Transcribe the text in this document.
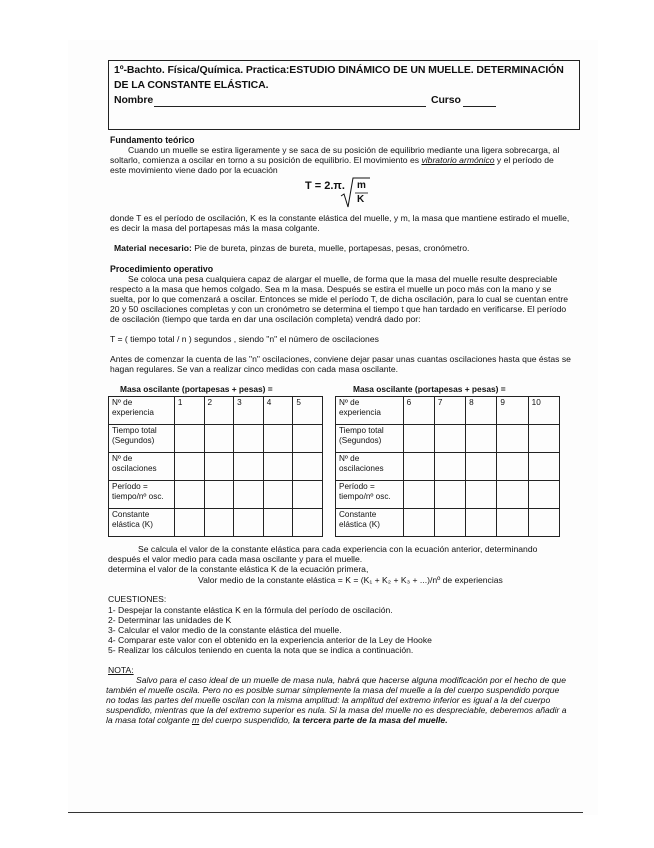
1º-Bachto. Física/Química. Practica:ESTUDIO DINÁMICO DE UN MUELLE. DETERMINACIÓN
DE LA CONSTANTE ELÁSTICA.
Nombre	Curso
Fundamento teórico
Cuando un muelle se estira ligeramente y se saca de su posición de equilibrio mediante una ligera sobrecarga, al
soltarlo, comienza a oscilar en torno a su posición de equilibrio. El movimiento es vibratorio armónico y el período de
este movimiento viene dado por la ecuación
T = 2.π. m
K
donde T es el período de oscilación, K es la constante elástica del muelle, y m, la masa que mantiene estirado el muelle,
es decir la masa del portapesas más la masa colgante.
Material necesario: Pie de bureta, pinzas de bureta, muelle, portapesas, pesas, cronómetro.
Procedimiento operativo
Se coloca una pesa cualquiera capaz de alargar el muelle, de forma que la masa del muelle resulte despreciable
respecto a la masa que hemos colgado. Sea m la masa. Después se estira el muelle un poco más con la mano y se
suelta, por lo que comenzará a oscilar. Entonces se mide el período T, de dicha oscilación, para lo cual se cuentan entre
20 y 50 oscilaciones completas y con un cronómetro se determina el tiempo t que han tardado en verificarse. El período
de oscilación (tiempo que tarda en dar una oscilación completa) vendrá dado por:
T = ( tiempo total / n ) segundos , siendo "n" el número de oscilaciones
Antes de comenzar la cuenta de las "n" oscilaciones, conviene dejar pasar unas cuantas oscilaciones hasta que éstas se
hagan regulares. Se van a realizar cinco medidas con cada masa oscilante.
Masa oscilante (portapesas + pesas) =	Masa oscilante (portapesas + pesas) =
Nº de experiencia	1	2	3	4	5
Tiempo total (Segundos)					
Nº de oscilaciones					
Período = tiempo/nº osc.					
Constante elástica (K)					
Nº de experiencia	6	7	8	9	10
Tiempo total (Segundos)					
Nº de oscilaciones					
Período = tiempo/nº osc.					
Constante elástica (K)					
Se calcula el valor de la constante elástica para cada experiencia con la ecuación anterior, determinando
después el valor medio para cada masa oscilante y para el muelle.
determina el valor de la constante elástica K de la ecuación primera,
Valor medio de la constante elástica = K = (K₁ + K₂ + K₃ + ...)/nº de experiencias
CUESTIONES:
1- Despejar la constante elástica K en la fórmula del período de oscilación.
2- Determinar las unidades de K
3- Calcular el valor medio de la constante elástica del muelle.
4- Comparar este valor con el obtenido en la experiencia anterior de la Ley de Hooke
5- Realizar los cálculos teniendo en cuenta la nota que se indica a continuación.
NOTA:
Salvo para el caso ideal de un muelle de masa nula, habrá que hacerse alguna modificación por el hecho de que
también el muelle oscila. Pero no es posible sumar simplemente la masa del muelle a la del cuerpo suspendido porque
no todas las partes del muelle oscilan con la misma amplitud: la amplitud del extremo inferior es igual a la del cuerpo
suspendido, mientras que la del extremo superior es nula. Si la masa del muelle no es despreciable, deberemos añadir a
la masa total colgante m del cuerpo suspendido, la tercera parte de la masa del muelle.
